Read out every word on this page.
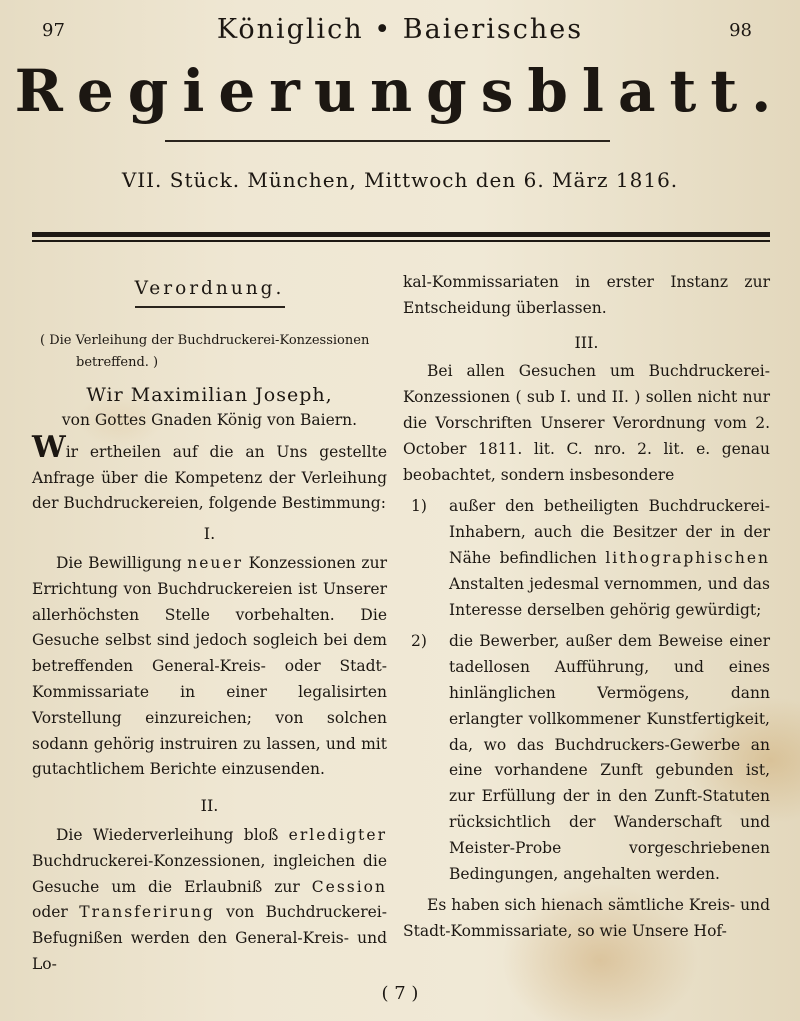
97	98
Königlich • Baierisches
Regierungsblatt.
VII. Stück. München, Mittwoch den 6. März 1816.
Verordnung.
( Die Verleihung der Buchdruckerei-Konzessionen
betreffend. )
Wir Maximilian Joseph,
von Gottes Gnaden König von Baiern.

Wir ertheilen auf die an Uns gestellte Anfrage über die Kompetenz der Verleihung der Buchdruckereien, folgende Bestimmung:

I.

Die Bewilligung neuer Konzessionen zur Errichtung von Buchdruckereien ist Unserer allerhöchsten Stelle vorbehalten. Die Gesuche selbst sind jedoch sogleich bei dem betreffenden General-Kreis- oder Stadt-Kommissariate in einer legalisirten Vorstellung einzureichen; von solchen sodann gehörig instruiren zu lassen, und mit gutachtlichem Berichte einzusenden.

II.

Die Wiederverleihung bloß erledigter Buchdruckerei-Konzessionen, ingleichen die Gesuche um die Erlaubniß zur Cession oder Transferirung von Buchdruckerei-Befugnißen werden den General-Kreis- und Lo-

kal-Kommissariaten in erster Instanz zur Entscheidung überlassen.

III.

Bei allen Gesuchen um Buchdruckerei-Konzessionen ( sub I. und II. ) sollen nicht nur die Vorschriften Unserer Verordnung vom 2. October 1811. lit. C. nro. 2. lit. e. genau beobachtet, sondern insbesondere

1)	außer den betheiligten Buchdruckerei-Inhabern, auch die Besitzer der in der Nähe befindlichen lithographischen Anstalten jedesmal vernommen, und das Interesse derselben gehörig gewürdigt;
2)	die Bewerber, außer dem Beweise einer tadellosen Aufführung, und eines hinlänglichen Vermögens, dann erlangter vollkommener Kunstfertigkeit, da, wo das Buchdruckers-Gewerbe an eine vorhandene Zunft gebunden ist, zur Erfüllung der in den Zunft-Statuten rücksichtlich der Wanderschaft und Meister-Probe vorgeschriebenen Bedingungen, angehalten werden.

Es haben sich hienach sämtliche Kreis- und Stadt-Kommissariate, so wie Unsere Hof-

( 7 )
